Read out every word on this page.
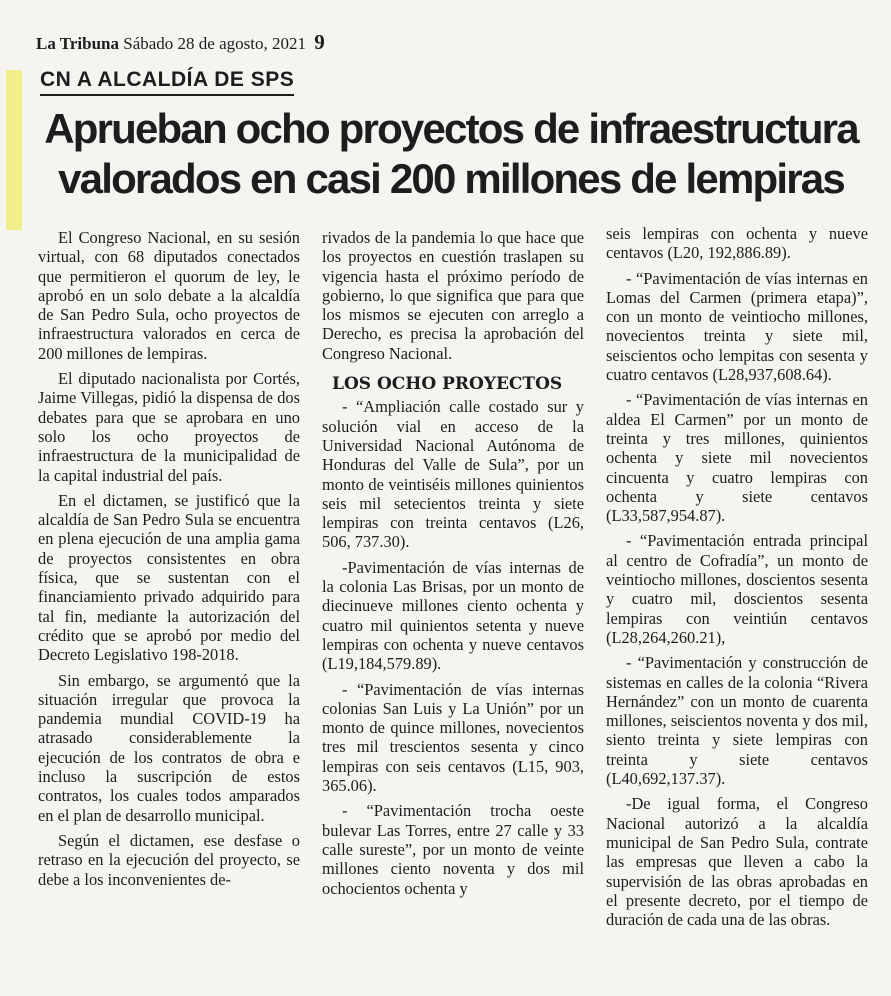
La Tribuna Sábado 28 de agosto, 2021 9
CN A ALCALDÍA DE SPS
Aprueban ocho proyectos de infraestructura
valorados en casi 200 millones de lempiras

El Congreso Nacional, en su sesión virtual, con 68 diputados conectados que permitieron el quorum de ley, le aprobó en un solo debate a la alcaldía de San Pedro Sula, ocho proyectos de infraestructura valorados en cerca de 200 millones de lempiras.

El diputado nacionalista por Cortés, Jaime Villegas, pidió la dispensa de dos debates para que se aprobara en uno solo los ocho proyectos de infraestructura de la municipalidad de la capital industrial del país.

En el dictamen, se justificó que la alcaldía de San Pedro Sula se encuentra en plena ejecución de una amplia gama de proyectos consistentes en obra física, que se sustentan con el financiamiento privado adquirido para tal fin, mediante la autorización del crédito que se aprobó por medio del Decreto Legislativo 198-2018.

Sin embargo, se argumentó que la situación irregular que provoca la pandemia mundial COVID-19 ha atrasado considerablemente la ejecución de los contratos de obra e incluso la suscripción de estos contratos, los cuales todos amparados en el plan de desarrollo municipal.

Según el dictamen, ese desfase o retraso en la ejecución del proyecto, se debe a los inconvenientes de-

rivados de la pandemia lo que hace que los proyectos en cuestión traslapen su vigencia hasta el próximo período de gobierno, lo que significa que para que los mismos se ejecuten con arreglo a Derecho, es precisa la aprobación del Congreso Nacional.

LOS OCHO PROYECTOS

- “Ampliación calle costado sur y solución vial en acceso de la Universidad Nacional Autónoma de Honduras del Valle de Sula”, por un monto de veintiséis millones quinientos seis mil setecientos treinta y siete lempiras con treinta centavos (L26, 506, 737.30).

-Pavimentación de vías internas de la colonia Las Brisas, por un monto de diecinueve millones ciento ochenta y cuatro mil quinientos setenta y nueve lempiras con ochenta y nueve centavos (L19,184,579.89).

- “Pavimentación de vías internas colonias San Luis y La Unión” por un monto de quince millones, novecientos tres mil trescientos sesenta y cinco lempiras con seis centavos (L15, 903, 365.06).

- “Pavimentación trocha oeste bulevar Las Torres, entre 27 calle y 33 calle sureste”, por un monto de veinte millones ciento noventa y dos mil ochocientos ochenta y

seis lempiras con ochenta y nueve centavos (L20, 192,886.89).

- “Pavimentación de vías internas en Lomas del Carmen (primera etapa)”, con un monto de veintiocho millones, novecientos treinta y siete mil, seiscientos ocho lempitas con sesenta y cuatro centavos (L28,937,608.64).

- “Pavimentación de vías internas en aldea El Carmen” por un monto de treinta y tres millones, quinientos ochenta y siete mil novecientos cincuenta y cuatro lempiras con ochenta y siete centavos (L33,587,954.87).

- “Pavimentación entrada principal al centro de Cofradía”, un monto de veintiocho millones, doscientos sesenta y cuatro mil, doscientos sesenta lempiras con veintiún centavos (L28,264,260.21),

- “Pavimentación y construcción de sistemas en calles de la colonia “Rivera Hernández” con un monto de cuarenta millones, seiscientos noventa y dos mil, siento treinta y siete lempiras con treinta y siete centavos (L40,692,137.37).

-De igual forma, el Congreso Nacional autorizó a la alcaldía municipal de San Pedro Sula, contrate las empresas que lleven a cabo la supervisión de las obras aprobadas en el presente decreto, por el tiempo de duración de cada una de las obras.
